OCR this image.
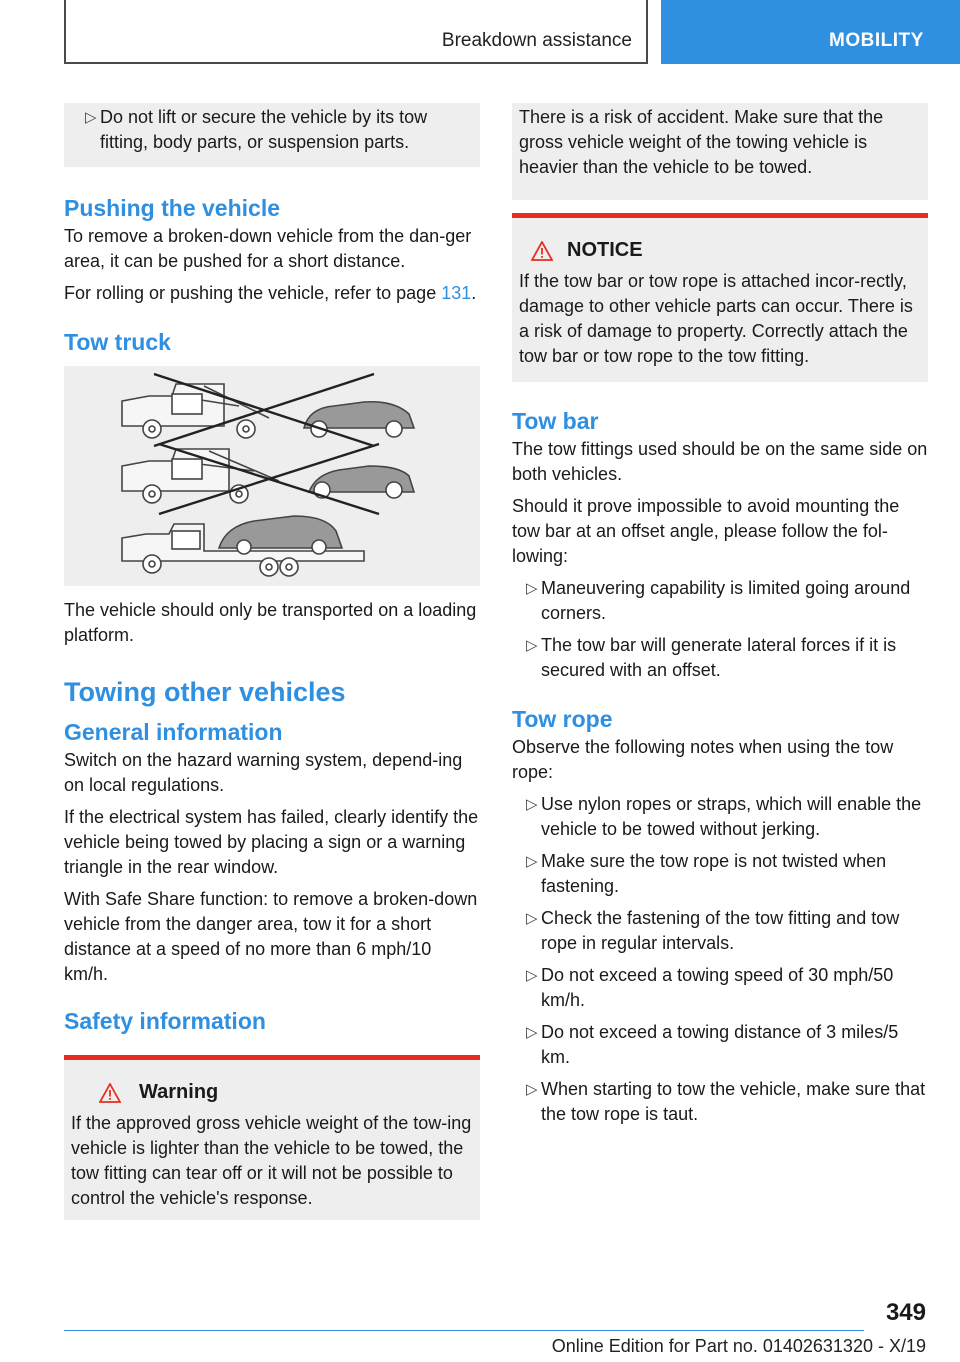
Breakdown assistance	MOBILITY
▷ Do not lift or secure the vehicle by its tow fitting, body parts, or suspension parts.
Pushing the vehicle

To remove a broken-down vehicle from the dan-ger area, it can be pushed for a short distance.

For rolling or pushing the vehicle, refer to page 131.

Tow truck

The vehicle should only be transported on a loading platform.

Towing other vehicles
General information

Switch on the hazard warning system, depend-ing on local regulations.

If the electrical system has failed, clearly identify the vehicle being towed by placing a sign or a warning triangle in the rear window.

With Safe Share function: to remove a broken-down vehicle from the danger area, tow it for a short distance at a speed of no more than 6 mph/10 km/h.

Safety information
Warning

If the approved gross vehicle weight of the tow-ing vehicle is lighter than the vehicle to be towed, the tow fitting can tear off or it will not be possible to control the vehicle's response.

There is a risk of accident. Make sure that the gross vehicle weight of the towing vehicle is heavier than the vehicle to be towed.

NOTICE

If the tow bar or tow rope is attached incor-rectly, damage to other vehicle parts can occur. There is a risk of damage to property. Correctly attach the tow bar or tow rope to the tow fitting.

Tow bar

The tow fittings used should be on the same side on both vehicles.

Should it prove impossible to avoid mounting the tow bar at an offset angle, please follow the fol-lowing:

▷ Maneuvering capability is limited going around corners.
▷ The tow bar will generate lateral forces if it is secured with an offset.
Tow rope

Observe the following notes when using the tow rope:

▷ Use nylon ropes or straps, which will enable the vehicle to be towed without jerking.
▷ Make sure the tow rope is not twisted when fastening.
▷ Check the fastening of the tow fitting and tow rope in regular intervals.
▷ Do not exceed a towing speed of 30 mph/50 km/h.
▷ Do not exceed a towing distance of 3 miles/5 km.
▷ When starting to tow the vehicle, make sure that the tow rope is taut.
349
Online Edition for Part no. 01402631320 - X/19
